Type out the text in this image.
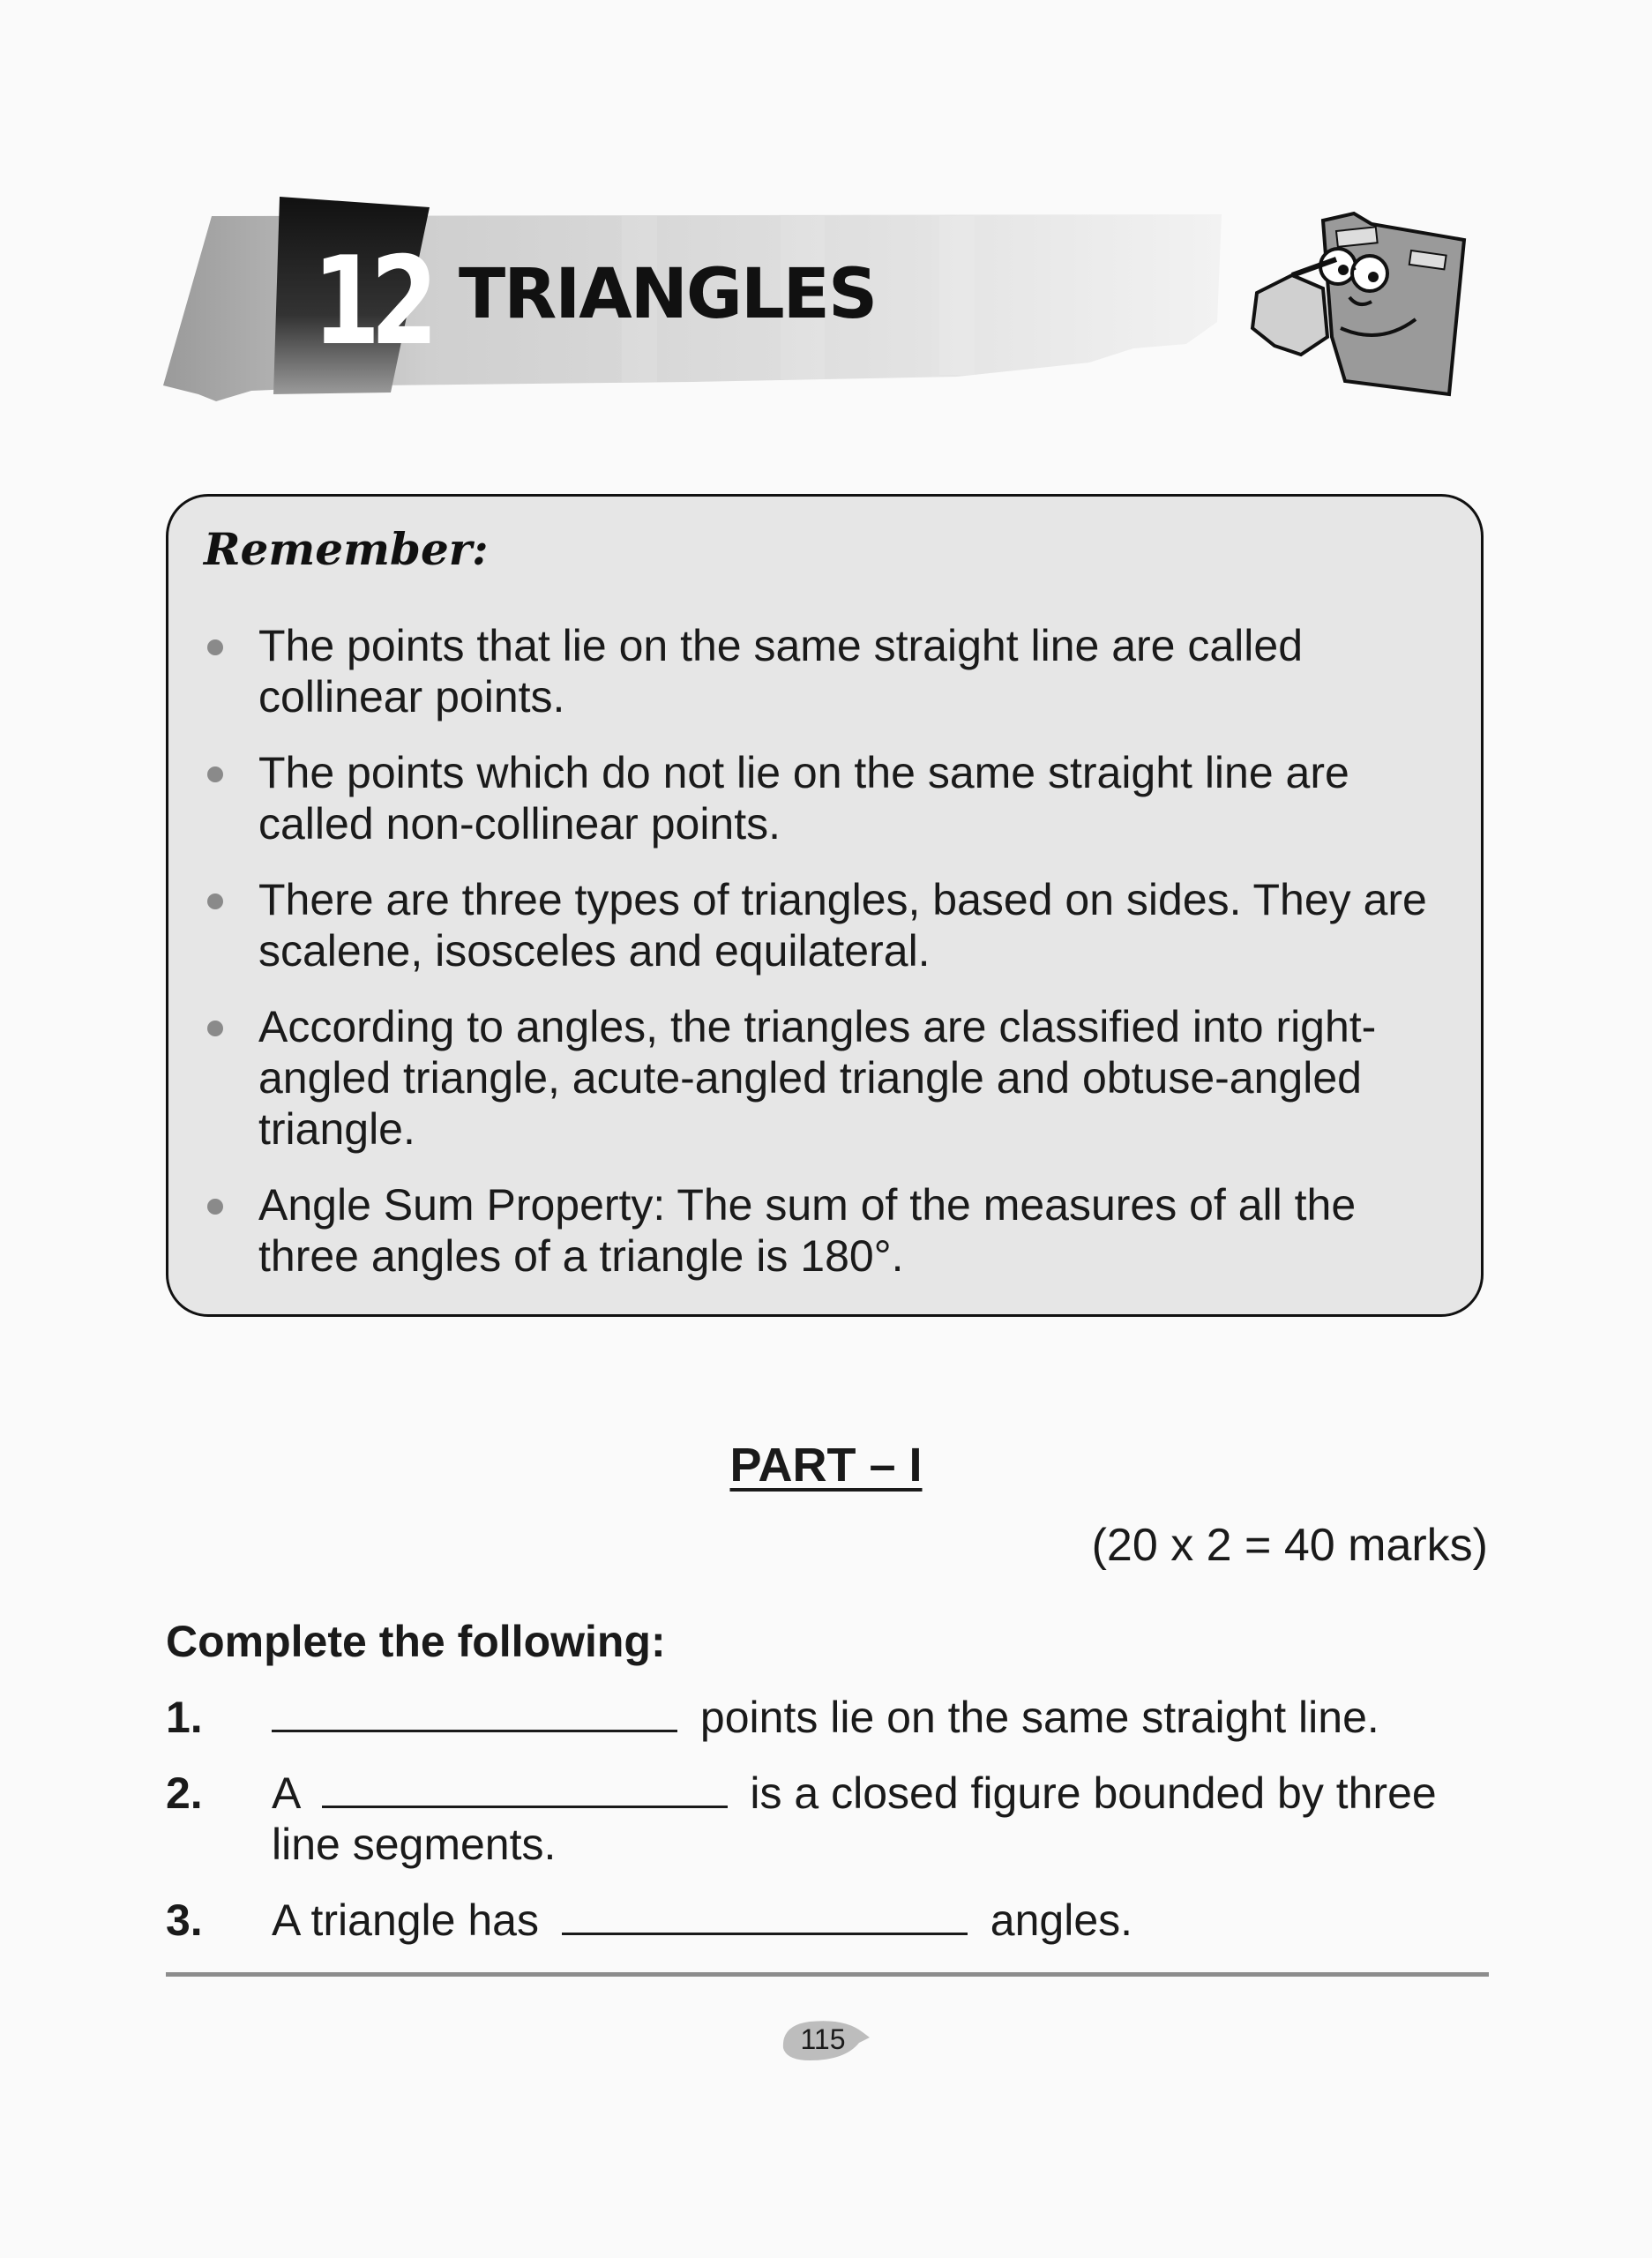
12 TRIANGLES
Remember:
The points that lie on the same straight line are called collinear points.
The points which do not lie on the same straight line are called non-collinear points.
There are three types of triangles, based on sides. They are scalene, isosceles and equilateral.
According to angles, the triangles are classified into right-angled triangle, acute-angled triangle and obtuse-angled triangle.
Angle Sum Property: The sum of the measures of all the three angles of a triangle is 180°.
PART – I
(20 x 2 = 40 marks)
Complete the following:
1.	points lie on the same straight line.
2. A	is a closed figure bounded by three line segments.
3. A triangle has	angles.
115
